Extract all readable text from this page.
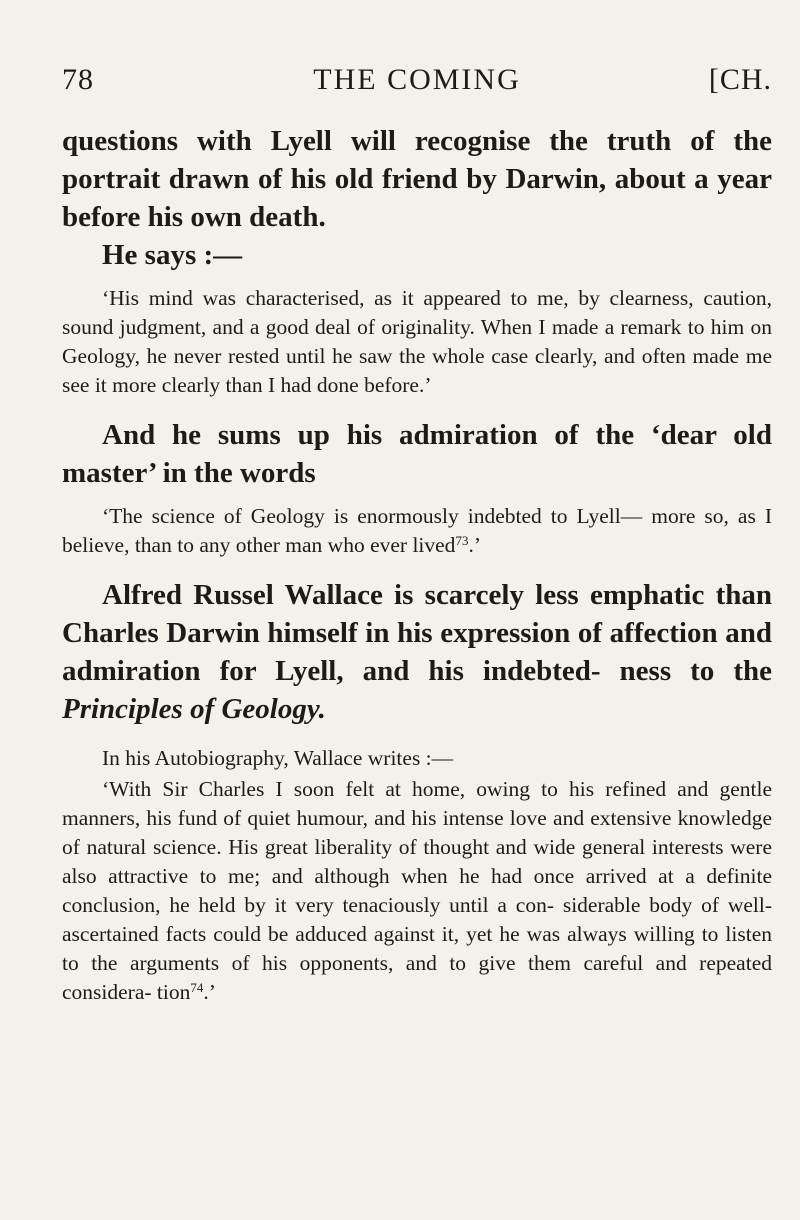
78	THE COMING	[CH.

questions with Lyell will recognise the truth of the portrait drawn of his old friend by Darwin, about a year before his own death.

He says :—

‘His mind was characterised, as it appeared to me, by clearness, caution, sound judgment, and a good deal of originality. When I made a remark to him on Geology, he never rested until he saw the whole case clearly, and often made me see it more clearly than I had done before.’

And he sums up his admiration of the ‘dear old master’ in the words

‘The science of Geology is enormously indebted to Lyell— more so, as I believe, than to any other man who ever lived$^{73}$.’

Alfred Russel Wallace is scarcely less emphatic than Charles Darwin himself in his expression of affection and admiration for Lyell, and his indebted- ness to the Principles of Geology.

In his Autobiography, Wallace writes :—

‘With Sir Charles I soon felt at home, owing to his refined and gentle manners, his fund of quiet humour, and his intense love and extensive knowledge of natural science. His great liberality of thought and wide general interests were also attractive to me; and although when he had once arrived at a definite conclusion, he held by it very tenaciously until a con- siderable body of well-ascertained facts could be adduced against it, yet he was always willing to listen to the arguments of his opponents, and to give them careful and repeated considera- tion$^{74}$.’
